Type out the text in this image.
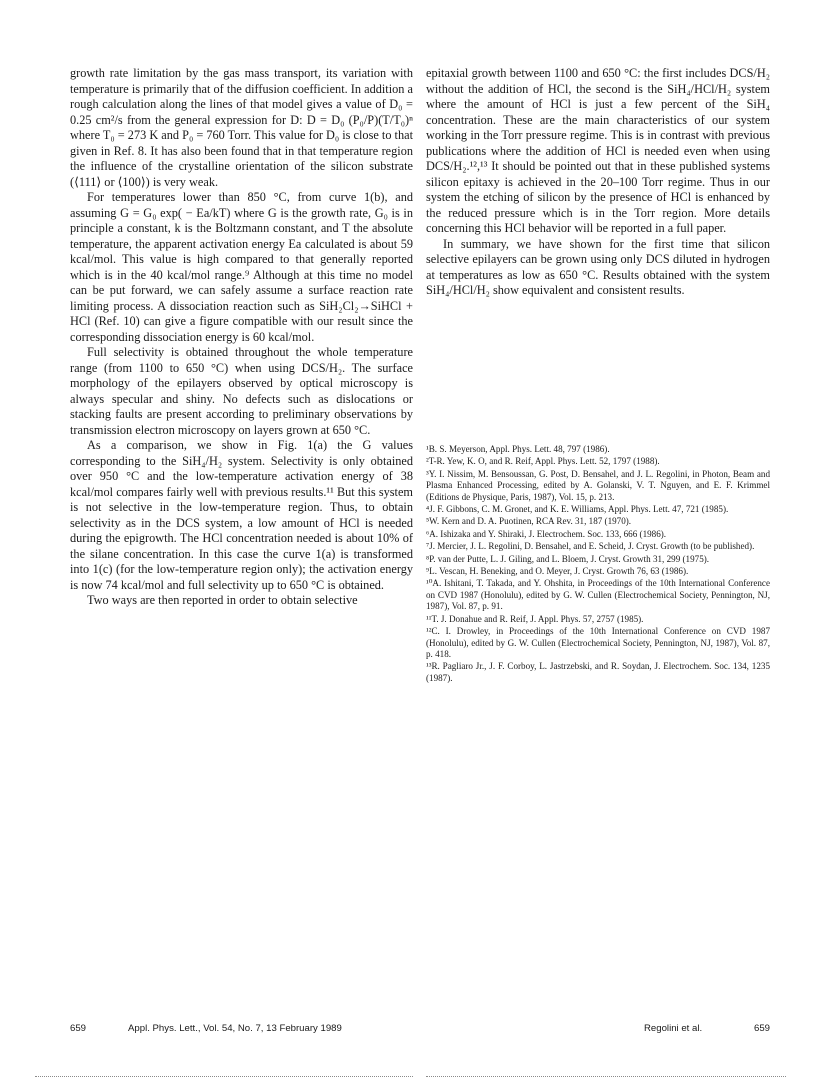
growth rate limitation by the gas mass transport, its variation with temperature is primarily that of the diffusion coefficient. In addition a rough calculation along the lines of that model gives a value of D₀ = 0.25 cm²/s from the general expression for D: D = D₀ (P₀/P)(T/T₀)ⁿ where T₀ = 273 K and P₀ = 760 Torr. This value for D₀ is close to that given in Ref. 8. It has also been found that in that temperature region the influence of the crystalline orientation of the silicon substrate (⟨111⟩ or ⟨100⟩) is very weak.

For temperatures lower than 850 °C, from curve 1(b), and assuming G = G₀ exp( − Ea/kT) where G is the growth rate, G₀ is in principle a constant, k is the Boltzmann constant, and T the absolute temperature, the apparent activation energy Ea calculated is about 59 kcal/mol. This value is high compared to that generally reported which is in the 40 kcal/mol range.⁹ Although at this time no model can be put forward, we can safely assume a surface reaction rate limiting process. A dissociation reaction such as SiH₂Cl₂→SiHCl + HCl (Ref. 10) can give a figure compatible with our result since the corresponding dissociation energy is 60 kcal/mol.

Full selectivity is obtained throughout the whole temperature range (from 1100 to 650 °C) when using DCS/H₂. The surface morphology of the epilayers observed by optical microscopy is always specular and shiny. No defects such as dislocations or stacking faults are present according to preliminary observations by transmission electron microscopy on layers grown at 650 °C.

As a comparison, we show in Fig. 1(a) the G values corresponding to the SiH₄/H₂ system. Selectivity is only obtained over 950 °C and the low-temperature activation energy of 38 kcal/mol compares fairly well with previous results.¹¹ But this system is not selective in the low-temperature region. Thus, to obtain selectivity as in the DCS system, a low amount of HCl is needed during the epigrowth. The HCl concentration needed is about 10% of the silane concentration. In this case the curve 1(a) is transformed into 1(c) (for the low-temperature region only); the activation energy is now 74 kcal/mol and full selectivity up to 650 °C is obtained.

Two ways are then reported in order to obtain selective

epitaxial growth between 1100 and 650 °C: the first includes DCS/H₂ without the addition of HCl, the second is the SiH₄/HCl/H₂ system where the amount of HCl is just a few percent of the SiH₄ concentration. These are the main characteristics of our system working in the Torr pressure regime. This is in contrast with previous publications where the addition of HCl is needed even when using DCS/H₂.¹²,¹³ It should be pointed out that in these published systems silicon epitaxy is achieved in the 20–100 Torr regime. Thus in our system the etching of silicon by the presence of HCl is enhanced by the reduced pressure which is in the Torr region. More details concerning this HCl behavior will be reported in a full paper.

In summary, we have shown for the first time that silicon selective epilayers can be grown using only DCS diluted in hydrogen at temperatures as low as 650 °C. Results obtained with the system SiH₄/HCl/H₂ show equivalent and consistent results.

¹B. S. Meyerson, Appl. Phys. Lett. 48, 797 (1986).
²T-R. Yew, K. O, and R. Reif, Appl. Phys. Lett. 52, 1797 (1988).
³Y. I. Nissim, M. Bensoussan, G. Post, D. Bensahel, and J. L. Regolini, in Photon, Beam and Plasma Enhanced Processing, edited by A. Golanski, V. T. Nguyen, and E. F. Krimmel (Editions de Physique, Paris, 1987), Vol. 15, p. 213.
⁴J. F. Gibbons, C. M. Gronet, and K. E. Williams, Appl. Phys. Lett. 47, 721 (1985).
⁵W. Kern and D. A. Puotinen, RCA Rev. 31, 187 (1970).
⁶A. Ishizaka and Y. Shiraki, J. Electrochem. Soc. 133, 666 (1986).
⁷J. Mercier, J. L. Regolini, D. Bensahel, and E. Scheid, J. Cryst. Growth (to be published).
⁸P. van der Putte, L. J. Giling, and L. Bloem, J. Cryst. Growth 31, 299 (1975).
⁹L. Vescan, H. Beneking, and O. Meyer, J. Cryst. Growth 76, 63 (1986).
¹⁰A. Ishitani, T. Takada, and Y. Ohshita, in Proceedings of the 10th International Conference on CVD 1987 (Honolulu), edited by G. W. Cullen (Electrochemical Society, Pennington, NJ, 1987), Vol. 87, p. 91.
¹¹T. J. Donahue and R. Reif, J. Appl. Phys. 57, 2757 (1985).
¹²C. I. Drowley, in Proceedings of the 10th International Conference on CVD 1987 (Honolulu), edited by G. W. Cullen (Electrochemical Society, Pennington, NJ, 1987), Vol. 87, p. 418.
¹³R. Pagliaro Jr., J. F. Corboy, L. Jastrzebski, and R. Soydan, J. Electrochem. Soc. 134, 1235 (1987).
659	Appl. Phys. Lett., Vol. 54, No. 7, 13 February 1989	Regolini et al.	659
